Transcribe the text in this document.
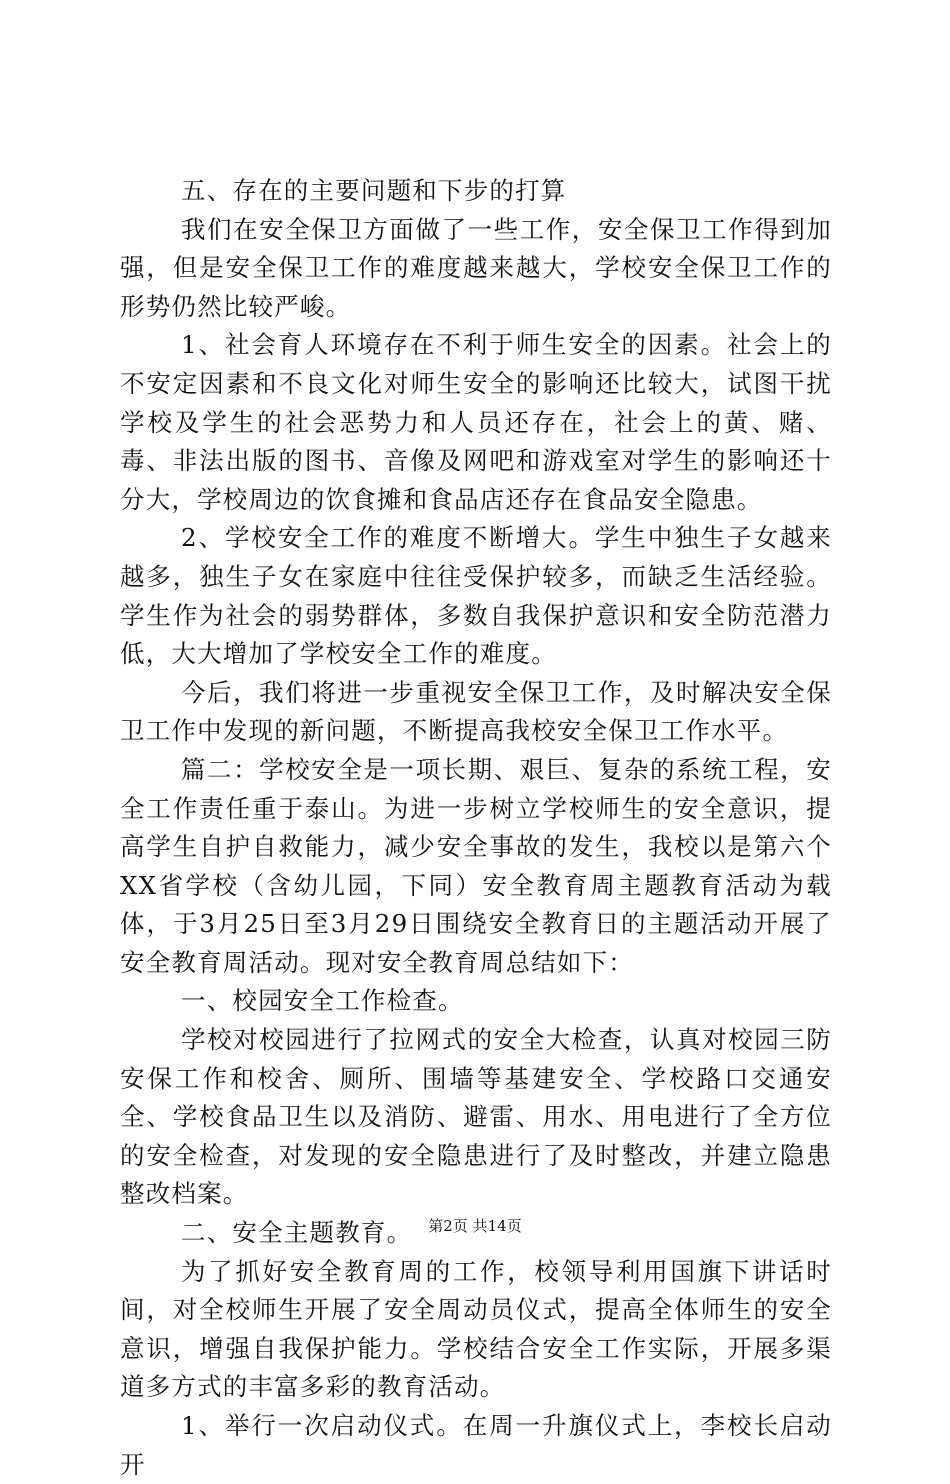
五、存在的主要问题和下步的打算

我们在安全保卫方面做了一些工作，安全保卫工作得到加强，但是安全保卫工作的难度越来越大，学校安全保卫工作的形势仍然比较严峻。

1、社会育人环境存在不利于师生安全的因素。社会上的不安定因素和不良文化对师生安全的影响还比较大，试图干扰学校及学生的社会恶势力和人员还存在，社会上的黄、赌、毒、非法出版的图书、音像及网吧和游戏室对学生的影响还十分大，学校周边的饮食摊和食品店还存在食品安全隐患。

2、学校安全工作的难度不断增大。学生中独生子女越来越多，独生子女在家庭中往往受保护较多，而缺乏生活经验。学生作为社会的弱势群体，多数自我保护意识和安全防范潜力低，大大增加了学校安全工作的难度。

今后，我们将进一步重视安全保卫工作，及时解决安全保卫工作中发现的新问题，不断提高我校安全保卫工作水平。

篇二：学校安全是一项长期、艰巨、复杂的系统工程，安全工作责任重于泰山。为进一步树立学校师生的安全意识，提高学生自护自救能力，减少安全事故的发生，我校以是第六个XX省学校（含幼儿园，下同）安全教育周主题教育活动为载体，于3月25日至3月29日围绕安全教育日的主题活动开展了安全教育周活动。现对安全教育周总结如下：

一、校园安全工作检查。

学校对校园进行了拉网式的安全大检查，认真对校园三防安保工作和校舍、厕所、围墙等基建安全、学校路口交通安全、学校食品卫生以及消防、避雷、用水、用电进行了全方位的安全检查，对发现的安全隐患进行了及时整改，并建立隐患整改档案。

二、安全主题教育。

为了抓好安全教育周的工作，校领导利用国旗下讲话时间，对全校师生开展了安全周动员仪式，提高全体师生的安全意识，增强自我保护能力。学校结合安全工作实际，开展多渠道多方式的丰富多彩的教育活动。

1、举行一次启动仪式。在周一升旗仪式上，李校长启动开

第2页 共14页
